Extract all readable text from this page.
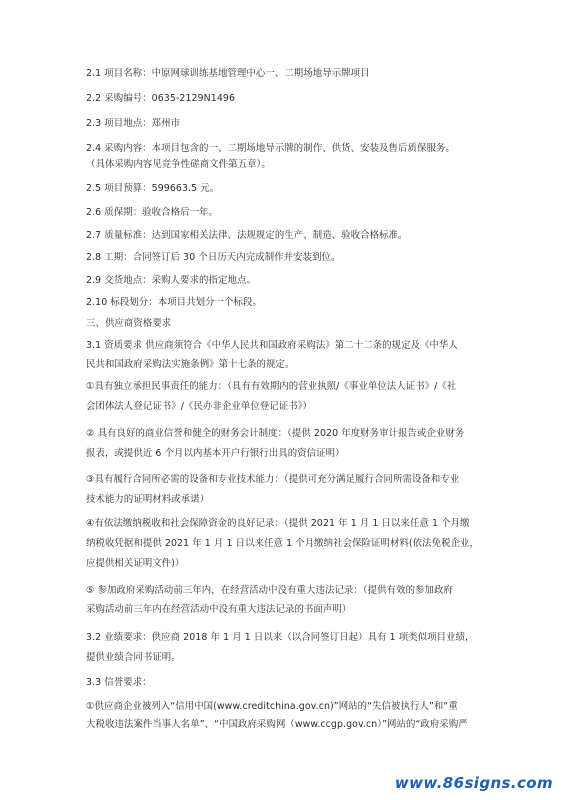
2.1 项目名称：中原网球训练基地管理中心一、二期场地导示牌项目
2.2 采购编号：0635-2129N1496
2.3 项目地点：郑州市
2.4 采购内容：本项目包含的一、二期场地导示牌的制作、供货、安装及售后质保服务。
（具体采购内容见竞争性磋商文件第五章）。
2.5 项目预算：599663.5 元。
2.6 质保期：验收合格后一年。
2.7 质量标准：达到国家相关法律、法规规定的生产、制造、验收合格标准。
2.8 工期：合同签订后 30 个日历天内完成制作并安装到位。
2.9 交货地点：采购人要求的指定地点。
2.10 标段划分：本项目共划分一个标段。
三、供应商资格要求
3.1 资质要求 供应商须符合《中华人民共和国政府采购法》第二十二条的规定及《中华人
民共和国政府采购法实施条例》第十七条的规定。
①具有独立承担民事责任的能力：（具有有效期内的营业执照/《事业单位法人证书》/《社
会团体法人登记证书》/《民办非企业单位登记证书》）
② 具有良好的商业信誉和健全的财务会计制度：（提供 2020 年度财务审计报告或企业财务
报表，或提供近 6 个月以内基本开户行银行出具的资信证明）
③具有履行合同所必需的设备和专业技术能力：（提供可充分满足履行合同所需设备和专业
技术能力的证明材料或承诺）
④有依法缴纳税收和社会保障资金的良好记录：（提供 2021 年 1 月 1 日以来任意 1 个月缴
纳税收凭据和提供 2021 年 1 月 1 日以来任意 1 个月缴纳社会保险证明材料(依法免税企业，
应提供相关证明文件)）
⑤ 参加政府采购活动前三年内，在经营活动中没有重大违法记录：（提供有效的参加政府
采购活动前三年内在经营活动中没有重大违法记录的书面声明）
3.2 业绩要求：供应商 2018 年 1 月 1 日以来（以合同签订日起）具有 1 项类似项目业绩，
提供业绩合同书证明。
3.3 信誉要求：
①供应商企业被列入“信用中国(www.creditchina.gov.cn)”网站的“失信被执行人”和“重
大税收违法案件当事人名单”、“中国政府采购网（www.ccgp.gov.cn）”网站的“政府采购严
www.86signs.com
